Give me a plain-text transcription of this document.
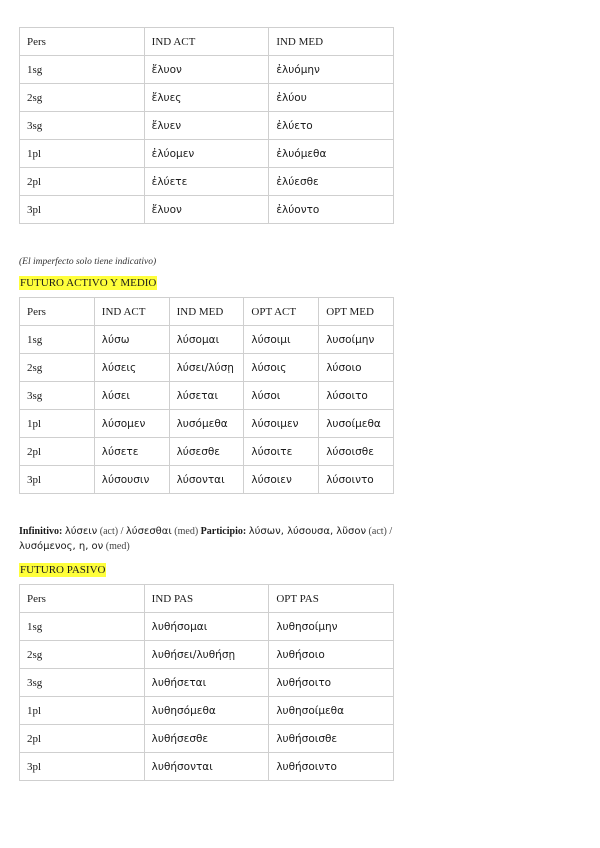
Pers	IND ACT	IND MED
1sg	ἔλυον	ἐλυόμην
2sg	ἔλυες	ἐλύου
3sg	ἔλυεν	ἐλύετο
1pl	ἐλύομεν	ἐλυόμεθα
2pl	ἐλύετε	ἐλύεσθε
3pl	ἔλυον	ἐλύοντο
(El imperfecto solo tiene indicativo)
FUTURO ACTIVO Y MEDIO
Pers	IND ACT	IND MED	OPT ACT	OPT MED
1sg	λύσω	λύσομαι	λύσοιμι	λυσοίμην
2sg	λύσεις	λύσει/λύσῃ	λύσοις	λύσοιο
3sg	λύσει	λύσεται	λύσοι	λύσοιτο
1pl	λύσομεν	λυσόμεθα	λύσοιμεν	λυσοίμεθα
2pl	λύσετε	λύσεσθε	λύσοιτε	λύσοισθε
3pl	λύσουσιν	λύσονται	λύσοιεν	λύσοιντο
Infinitivo: λύσειν (act) / λύσεσθαι (med) Participio: λύσων, λύσουσα, λῦσον (act) / λυσόμενος, η, ον (med)
FUTURO PASIVO
Pers	IND PAS	OPT PAS
1sg	λυθήσομαι	λυθησοίμην
2sg	λυθήσει/λυθήσῃ	λυθήσοιο
3sg	λυθήσεται	λυθήσοιτο
1pl	λυθησόμεθα	λυθησοίμεθα
2pl	λυθήσεσθε	λυθήσοισθε
3pl	λυθήσονται	λυθήσοιντο
